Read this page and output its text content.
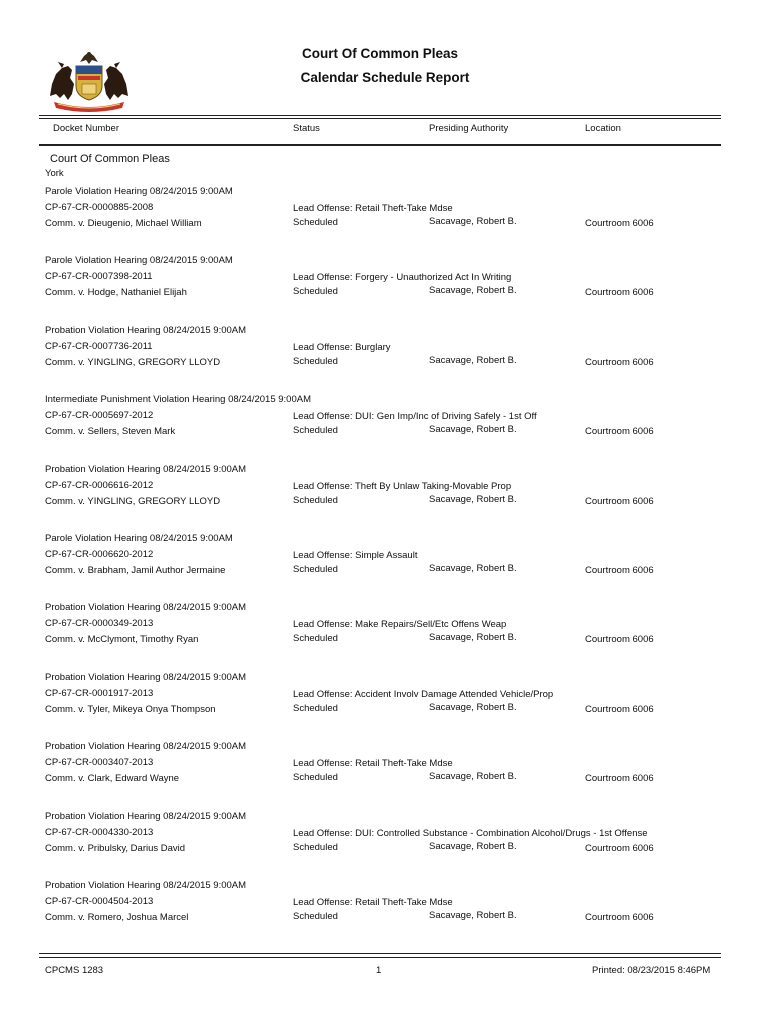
Court Of Common Pleas
Calendar Schedule Report
Docket Number	Status	Presiding Authority	Location
Court Of Common Pleas
York
Parole Violation Hearing 08/24/2015 9:00AM
CP-67-CR-0000885-2008
Comm. v. Dieugenio, Michael William
Lead Offense: Retail Theft-Take Mdse
Scheduled	Sacavage, Robert B.	Courtroom 6006
Parole Violation Hearing 08/24/2015 9:00AM
CP-67-CR-0007398-2011
Comm. v. Hodge, Nathaniel Elijah
Lead Offense: Forgery - Unauthorized Act In Writing
Scheduled	Sacavage, Robert B.	Courtroom 6006
Probation Violation Hearing 08/24/2015 9:00AM
CP-67-CR-0007736-2011
Comm. v. YINGLING, GREGORY LLOYD
Lead Offense: Burglary
Scheduled	Sacavage, Robert B.	Courtroom 6006
Intermediate Punishment Violation Hearing 08/24/2015 9:00AM
CP-67-CR-0005697-2012
Comm. v. Sellers, Steven Mark
Lead Offense: DUI: Gen Imp/Inc of Driving Safely - 1st Off
Scheduled	Sacavage, Robert B.	Courtroom 6006
Probation Violation Hearing 08/24/2015 9:00AM
CP-67-CR-0006616-2012
Comm. v. YINGLING, GREGORY LLOYD
Lead Offense: Theft By Unlaw Taking-Movable Prop
Scheduled	Sacavage, Robert B.	Courtroom 6006
Parole Violation Hearing 08/24/2015 9:00AM
CP-67-CR-0006620-2012
Comm. v. Brabham, Jamil Author Jermaine
Lead Offense: Simple Assault
Scheduled	Sacavage, Robert B.	Courtroom 6006
Probation Violation Hearing 08/24/2015 9:00AM
CP-67-CR-0000349-2013
Comm. v. McClymont, Timothy Ryan
Lead Offense: Make Repairs/Sell/Etc Offens Weap
Scheduled	Sacavage, Robert B.	Courtroom 6006
Probation Violation Hearing 08/24/2015 9:00AM
CP-67-CR-0001917-2013
Comm. v. Tyler, Mikeya Onya Thompson
Lead Offense: Accident Involv Damage Attended Vehicle/Prop
Scheduled	Sacavage, Robert B.	Courtroom 6006
Probation Violation Hearing 08/24/2015 9:00AM
CP-67-CR-0003407-2013
Comm. v. Clark, Edward Wayne
Lead Offense: Retail Theft-Take Mdse
Scheduled	Sacavage, Robert B.	Courtroom 6006
Probation Violation Hearing 08/24/2015 9:00AM
CP-67-CR-0004330-2013
Comm. v. Pribulsky, Darius David
Lead Offense: DUI: Controlled Substance - Combination Alcohol/Drugs - 1st Offense
Scheduled	Sacavage, Robert B.	Courtroom 6006
Probation Violation Hearing 08/24/2015 9:00AM
CP-67-CR-0004504-2013
Comm. v. Romero, Joshua Marcel
Lead Offense: Retail Theft-Take Mdse
Scheduled	Sacavage, Robert B.	Courtroom 6006
CPCMS 1283	1	Printed: 08/23/2015 8:46PM
